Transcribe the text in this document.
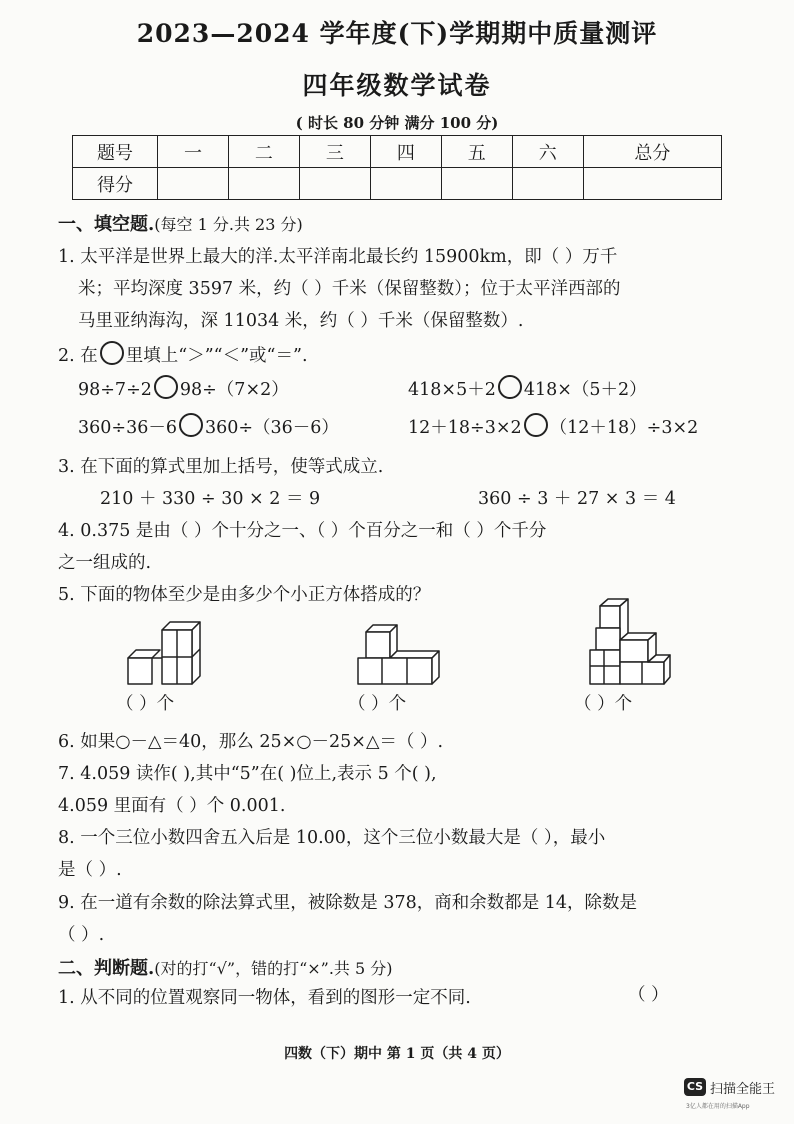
2023—2024 学年度(下)学期期中质量测评
四年级数学试卷
( 时长 80 分钟 满分 100 分)
题号	一	二	三	四	五	六	总分
得分							
一、填空题.(每空 1 分.共 23 分)
1. 太平洋是世界上最大的洋.太平洋南北最长约 15900km，即（ ）万千
米；平均深度 3597 米，约（ ）千米（保留整数）；位于太平洋西部的
马里亚纳海沟，深 11034 米，约（ ）千米（保留整数）.
2. 在 里填上“＞”“＜”或“＝”.
98÷7÷2 98÷（7×2）	418×5＋2 418×（5＋2）
360÷36－6 360÷（36－6）	12＋18÷3×2 （12＋18）÷3×2
3. 在下面的算式里加上括号，使等式成立.
210 ＋ 330 ÷ 30 × 2 ＝ 9	360 ÷ 3 ＋ 27 × 3 ＝ 4
4. 0.375 是由（ ）个十分之一、（ ）个百分之一和（ ）个千分
之一组成的.
5. 下面的物体至少是由多少个小正方体搭成的？
（ ）个	（ ）个	（ ）个
6. 如果○－△＝40，那么 25×○－25×△＝（ ）.
7. 4.059 读作( ),其中“5”在( )位上,表示 5 个( ),
4.059 里面有（ ）个 0.001.
8. 一个三位小数四舍五入后是 10.00，这个三位小数最大是（ ），最小
是（ ）.
9. 在一道有余数的除法算式里，被除数是 378，商和余数都是 14，除数是
（ ）.
二、判断题.(对的打“√”，错的打“×”.共 5 分)
1. 从不同的位置观察同一物体，看到的图形一定不同.	（ ）
四数（下）期中 第 1 页（共 4 页）
CS 扫描全能王
3亿人都在用的扫描App
